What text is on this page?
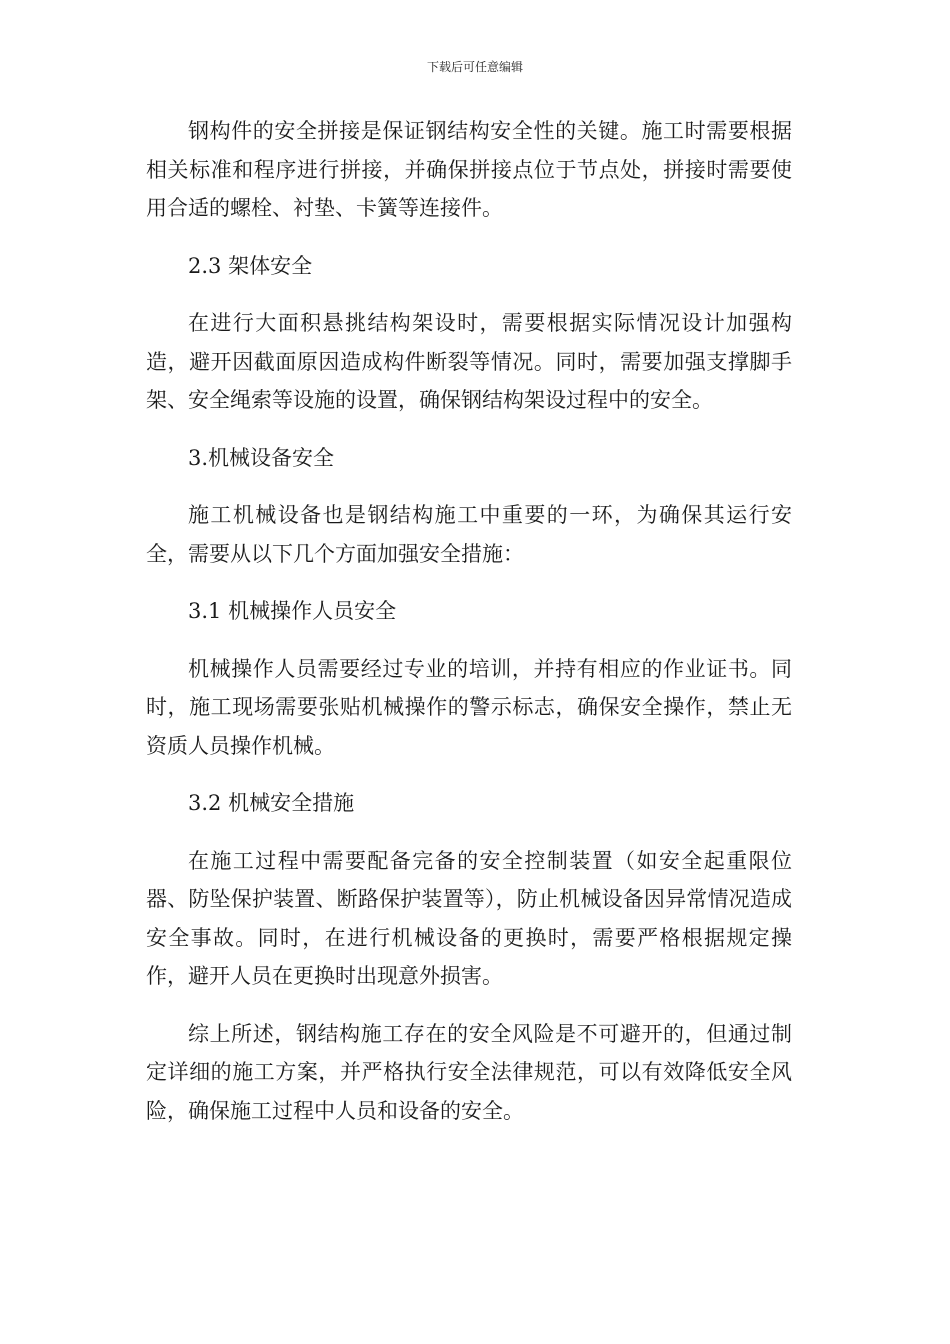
下载后可任意编辑

钢构件的安全拼接是保证钢结构安全性的关键。施工时需要根据相关标准和程序进行拼接，并确保拼接点位于节点处，拼接时需要使用合适的螺栓、衬垫、卡簧等连接件。

2.3 架体安全

在进行大面积悬挑结构架设时，需要根据实际情况设计加强构造，避开因截面原因造成构件断裂等情况。同时，需要加强支撑脚手架、安全绳索等设施的设置，确保钢结构架设过程中的安全。

3.机械设备安全

施工机械设备也是钢结构施工中重要的一环，为确保其运行安全，需要从以下几个方面加强安全措施：

3.1 机械操作人员安全

机械操作人员需要经过专业的培训，并持有相应的作业证书。同时，施工现场需要张贴机械操作的警示标志，确保安全操作，禁止无资质人员操作机械。

3.2 机械安全措施

在施工过程中需要配备完备的安全控制装置（如安全起重限位器、防坠保护装置、断路保护装置等），防止机械设备因异常情况造成安全事故。同时，在进行机械设备的更换时，需要严格根据规定操作，避开人员在更换时出现意外损害。

综上所述，钢结构施工存在的安全风险是不可避开的，但通过制定详细的施工方案，并严格执行安全法律规范，可以有效降低安全风险，确保施工过程中人员和设备的安全。
